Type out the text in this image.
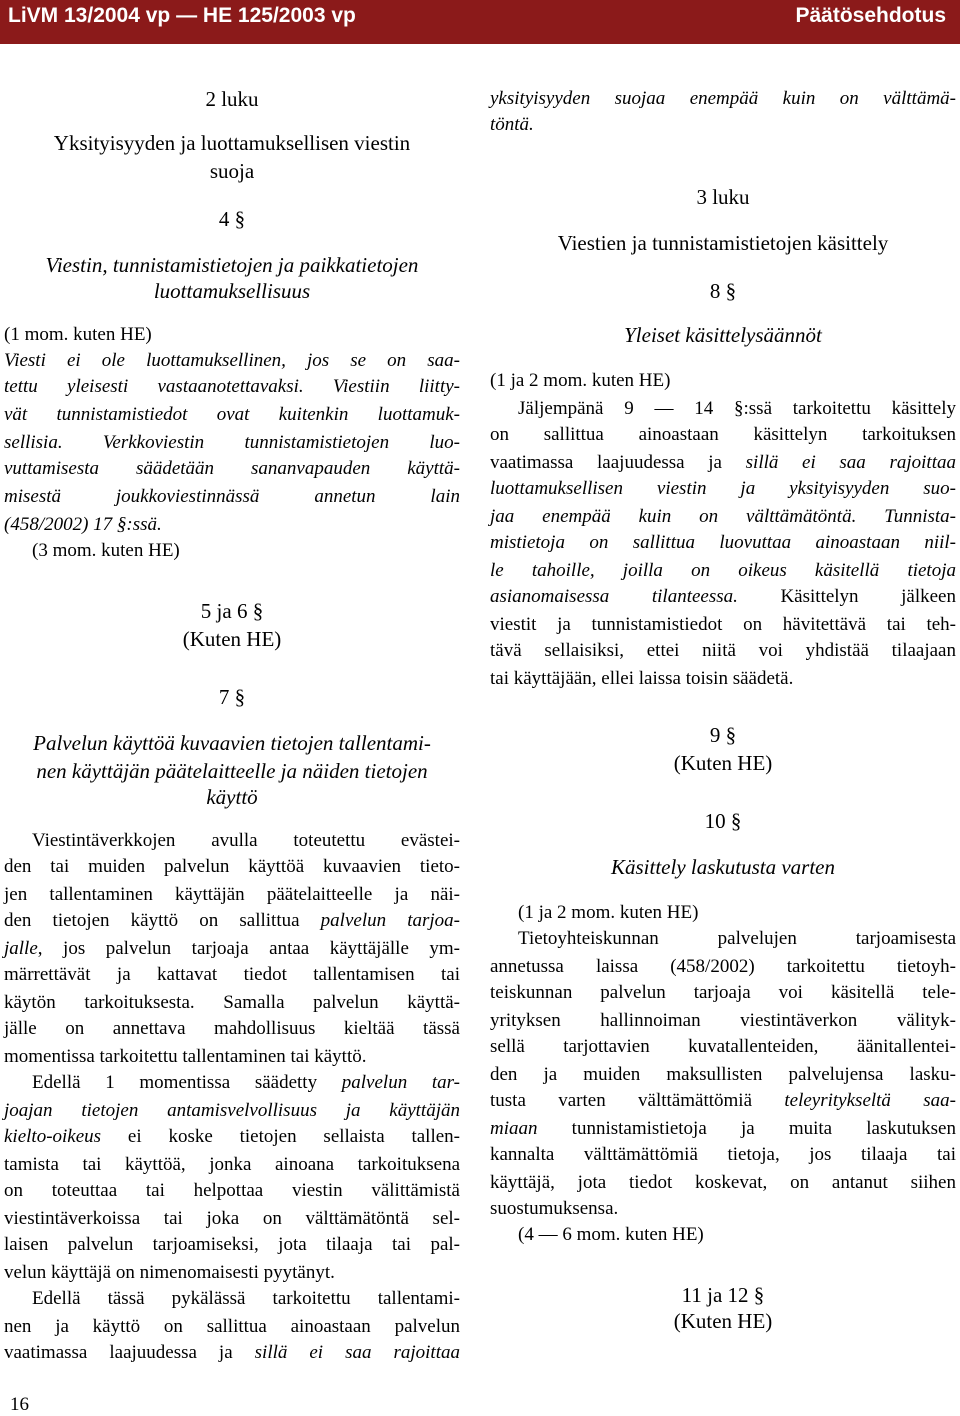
LiVM 13/2004 vp — HE 125/2003 vp	Päätösehdotus
2 luku
Yksityisyyden ja luottamuksellisen viestin
suoja
4 §
Viestin, tunnistamistietojen ja paikkatietojen
luottamuksellisuus
(1 mom. kuten HE)
Viesti ei ole luottamuksellinen, jos se on saa-
tettu yleisesti vastaanotettavaksi. Viestiin liitty-
vät tunnistamistiedot ovat kuitenkin luottamuk-
sellisia. Verkkoviestin tunnistamistietojen luo-
vuttamisesta säädetään sananvapauden käyttä-
misestä joukkoviestinnässä annetun lain
(458/2002) 17 §:ssä.
(3 mom. kuten HE)
5 ja 6 §
(Kuten HE)
7 §
Palvelun käyttöä kuvaavien tietojen tallentami-
nen käyttäjän päätelaitteelle ja näiden tietojen
käyttö
Viestintäverkkojen avulla toteutettu evästei-
den tai muiden palvelun käyttöä kuvaavien tieto-
jen tallentaminen käyttäjän päätelaitteelle ja näi-
den tietojen käyttö on sallittua palvelun tarjoa-
jalle, jos palvelun tarjoaja antaa käyttäjälle ym-
märrettävät ja kattavat tiedot tallentamisen tai
käytön tarkoituksesta. Samalla palvelun käyttä-
jälle on annettava mahdollisuus kieltää tässä
momentissa tarkoitettu tallentaminen tai käyttö.
Edellä 1 momentissa säädetty palvelun tar-
joajan tietojen antamisvelvollisuus ja käyttäjän
kielto-oikeus ei koske tietojen sellaista tallen-
tamista tai käyttöä, jonka ainoana tarkoituksena
on toteuttaa tai helpottaa viestin välittämistä
viestintäverkoissa tai joka on välttämätöntä sel-
laisen palvelun tarjoamiseksi, jota tilaaja tai pal-
velun käyttäjä on nimenomaisesti pyytänyt.
Edellä tässä pykälässä tarkoitettu tallentami-
nen ja käyttö on sallittua ainoastaan palvelun
vaatimassa laajuudessa ja sillä ei saa rajoittaa
yksityisyyden suojaa enempää kuin on välttämä-
töntä.
3 luku
Viestien ja tunnistamistietojen käsittely
8 §
Yleiset käsittelysäännöt
(1 ja 2 mom. kuten HE)
Jäljempänä 9 — 14 §:ssä tarkoitettu käsittely
on sallittua ainoastaan käsittelyn tarkoituksen
vaatimassa laajuudessa ja sillä ei saa rajoittaa
luottamuksellisen viestin ja yksityisyyden suo-
jaa enempää kuin on välttämätöntä. Tunnista-
mistietoja on sallittua luovuttaa ainoastaan niil-
le tahoille, joilla on oikeus käsitellä tietoja
asianomaisessa tilanteessa. Käsittelyn jälkeen
viestit ja tunnistamistiedot on hävitettävä tai teh-
tävä sellaisiksi, ettei niitä voi yhdistää tilaajaan
tai käyttäjään, ellei laissa toisin säädetä.
9 §
(Kuten HE)
10 §
Käsittely laskutusta varten
(1 ja 2 mom. kuten HE)
Tietoyhteiskunnan palvelujen tarjoamisesta
annetussa laissa (458/2002) tarkoitettu tietoyh-
teiskunnan palvelun tarjoaja voi käsitellä tele-
yrityksen hallinnoiman viestintäverkon välityk-
sellä tarjottavien kuvatallenteiden, äänitallentei-
den ja muiden maksullisten palvelujensa lasku-
tusta varten välttämättömiä teleyritykseltä saa-
miaan tunnistamistietoja ja muita laskutuksen
kannalta välttämättömiä tietoja, jos tilaaja tai
käyttäjä, jota tiedot koskevat, on antanut siihen
suostumuksensa.
(4 — 6 mom. kuten HE)
11 ja 12 §
(Kuten HE)
16
